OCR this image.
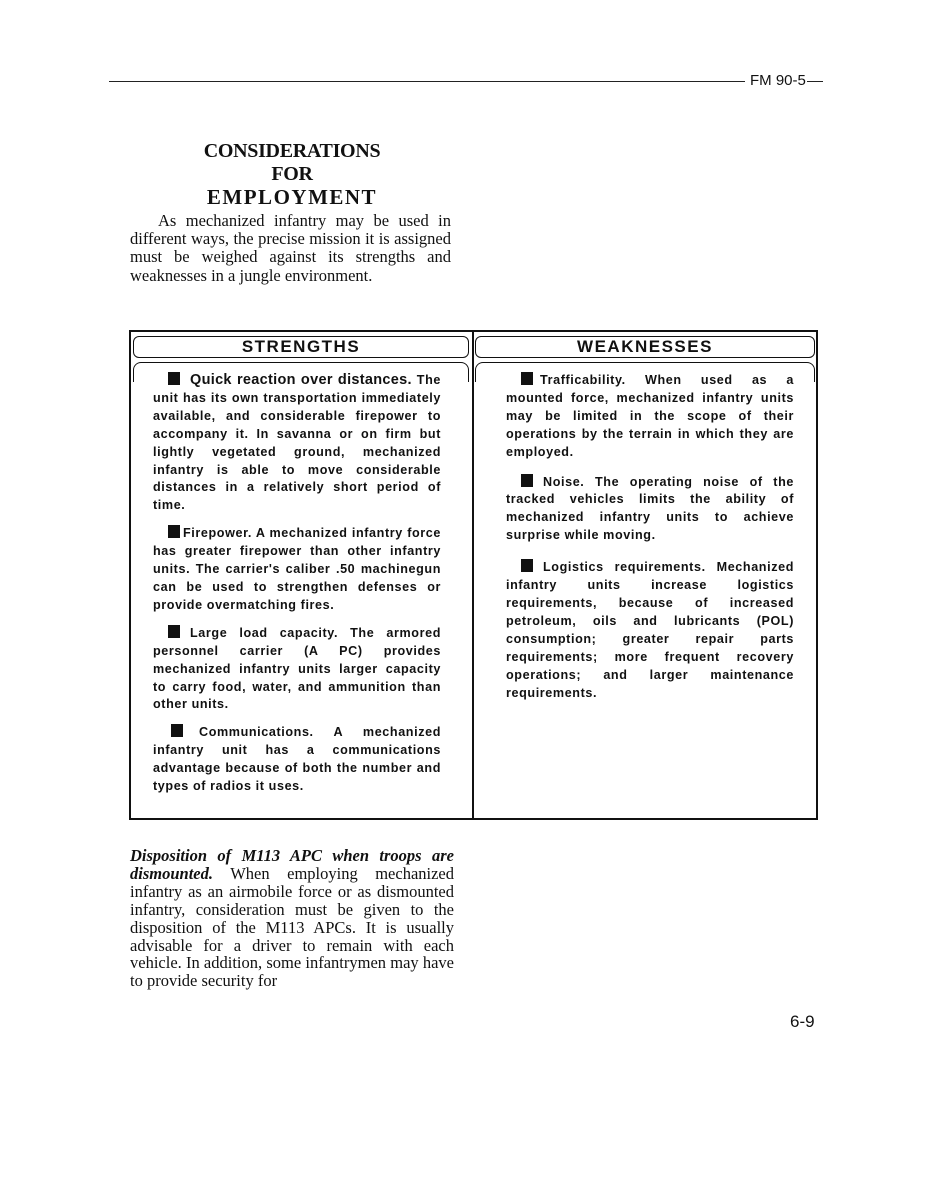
FM 90-5
CONSIDERATIONS
FOR
EMPLOYMENT
As mechanized infantry may be used in different ways, the precise mission it is assigned must be weighed against its strengths and weaknesses in a jungle environment.
STRENGTHS	WEAKNESSES
Quick reaction over distances. The unit has its own transportation immediately available, and considerable firepower to accompany it. In savanna or on firm but lightly vegetated ground, mechanized infantry is able to move considerable distances in a relatively short period of time.
Firepower. A mechanized infantry force has greater firepower than other infantry units. The carrier's caliber .50 machinegun can be used to strengthen defenses or provide overmatching fires.
Large load capacity. The armored personnel carrier (A PC) provides mechanized infantry units larger capacity to carry food, water, and ammunition than other units.
Communications. A mechanized infantry unit has a communications advantage because of both the number and types of radios it uses.
Trafficability. When used as a mounted force, mechanized infantry units may be limited in the scope of their operations by the terrain in which they are employed.
Noise. The operating noise of the tracked vehicles limits the ability of mechanized infantry units to achieve surprise while moving.
Logistics requirements. Mechanized infantry units increase logistics requirements, because of increased petroleum, oils and lubricants (POL) consumption; greater repair parts requirements; more frequent recovery operations; and larger maintenance requirements.
Disposition of M113 APC when troops are dismounted. When employing mechanized infantry as an airmobile force or as dismounted infantry, consideration must be given to the disposition of the M113 APCs. It is usually advisable for a driver to remain with each vehicle. In addition, some infantrymen may have to provide security for
6-9
